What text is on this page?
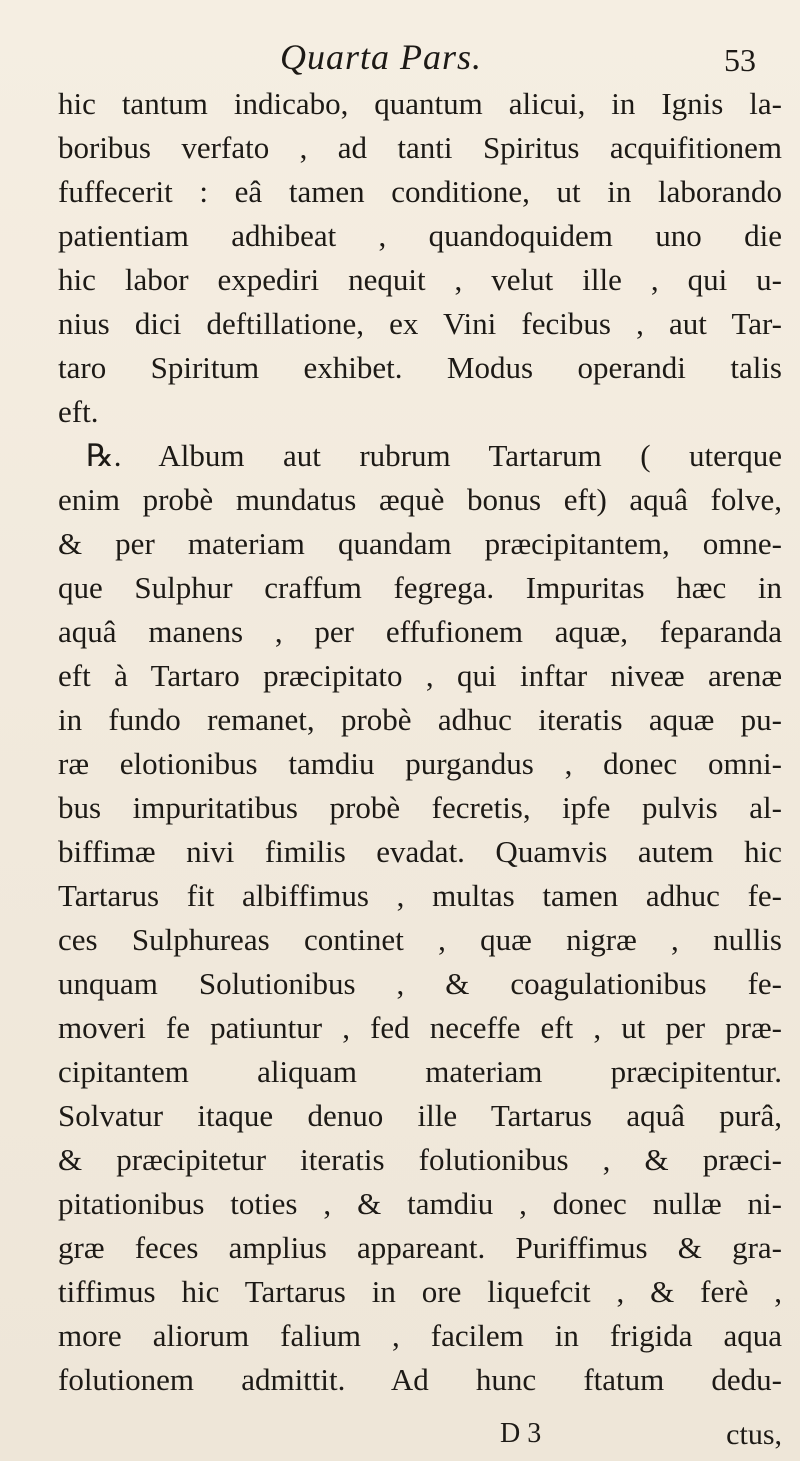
Quarta Pars.	53
hic tantum indicabo, quantum alicui, in Ignis la-
boribus verfato , ad tanti Spiritus acquifitionem
fuffecerit : eâ tamen conditione, ut in laborando
patientiam adhibeat , quandoquidem uno die
hic labor expediri nequit , velut ille , qui u-
nius dici deftillatione, ex Vini fecibus , aut Tar-
taro Spiritum exhibet. Modus operandi talis
eft.
℞. Album aut rubrum Tartarum ( uterque
enim probè mundatus æquè bonus eft) aquâ folve,
& per materiam quandam præcipitantem, omne-
que Sulphur craffum fegrega. Impuritas hæc in
aquâ manens , per effufionem aquæ, feparanda
eft à Tartaro præcipitato , qui inftar niveæ arenæ
in fundo remanet, probè adhuc iteratis aquæ pu-
ræ elotionibus tamdiu purgandus , donec omni-
bus impuritatibus probè fecretis, ipfe pulvis al-
biffimæ nivi fimilis evadat. Quamvis autem hic
Tartarus fit albiffimus , multas tamen adhuc fe-
ces Sulphureas continet , quæ nigræ , nullis
unquam Solutionibus , & coagulationibus fe-
moveri fe patiuntur , fed neceffe eft , ut per præ-
cipitantem aliquam materiam præcipitentur.
Solvatur itaque denuo ille Tartarus aquâ purâ,
& præcipitetur iteratis folutionibus , & præci-
pitationibus toties , & tamdiu , donec nullæ ni-
græ feces amplius appareant. Puriffimus & gra-
tiffimus hic Tartarus in ore liquefcit , & ferè ,
more aliorum falium , facilem in frigida aqua
folutionem admittit. Ad hunc ftatum dedu-
D 3	ctus,
